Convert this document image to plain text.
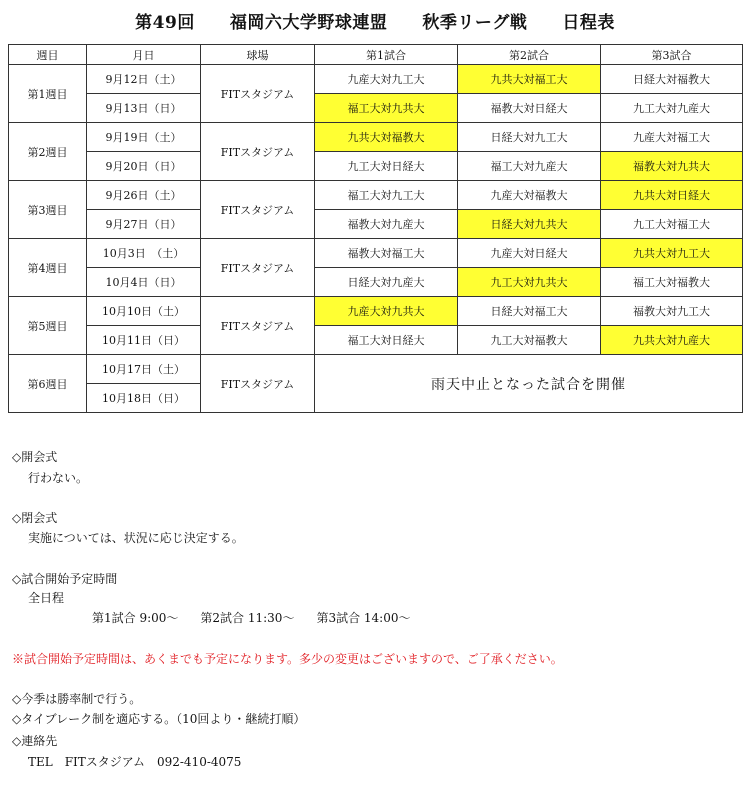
第49回　　福岡六大学野球連盟　　秋季リーグ戦　　日程表
週目	月日	球場	第1試合	第2試合	第3試合
第1週目	9月12日（土）	FITスタジアム	九産大対九工大	九共大対福工大	日経大対福教大
	9月13日（日）		福工大対九共大	福教大対日経大	九工大対九産大
第2週目	9月19日（土）	FITスタジアム	九共大対福教大	日経大対九工大	九産大対福工大
	9月20日（日）		九工大対日経大	福工大対九産大	福教大対九共大
第3週目	9月26日（土）	FITスタジアム	福工大対九工大	九産大対福教大	九共大対日経大
	9月27日（日）		福教大対九産大	日経大対九共大	九工大対福工大
第4週目	10月3日　（土）	FITスタジアム	福教大対福工大	九産大対日経大	九共大対九工大
	10月4日（日）		日経大対九産大	九工大対九共大	福工大対福教大
第5週目	10月10日（土）	FITスタジアム	九産大対九共大	日経大対福工大	福教大対九工大
	10月11日（日）		福工大対日経大	九工大対福教大	九共大対九産大
第6週目	10月17日（土）	FITスタジアム	雨天中止となった試合を開催		
	10月18日（日）				
◇開会式
行わない。
◇閉会式
実施については、状況に応じ決定する。
◇試合開始予定時間
全日程
第1試合 9:00〜 第2試合 11:30〜 第3試合 14:00〜
※試合開始予定時間は、あくまでも予定になります。多少の変更はございますので、ご了承ください。
◇今季は勝率制で行う。
◇タイブレーク制を適応する。（10回より・継続打順）
◇連絡先
TEL　FITスタジアム　092-410-4075
